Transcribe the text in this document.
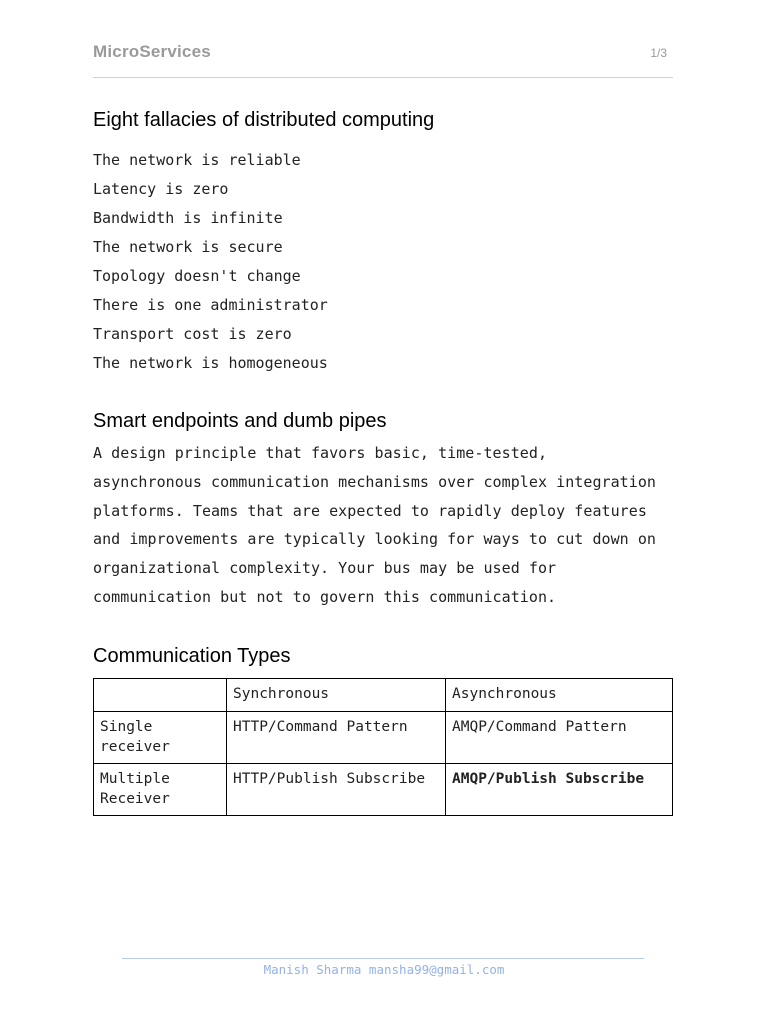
MicroServices	1/3
Eight fallacies of distributed computing
The network is reliable
Latency is zero
Bandwidth is infinite
The network is secure
Topology doesn't change
There is one administrator
Transport cost is zero
The network is homogeneous
Smart endpoints and dumb pipes
A design principle that favors basic, time-tested,
asynchronous communication mechanisms over complex integration
platforms. Teams that are expected to rapidly deploy features
and improvements are typically looking for ways to cut down on
organizational complexity. Your bus may be used for
communication but not to govern this communication.
Communication Types
	Synchronous	Asynchronous
Single receiver	HTTP/Command Pattern	AMQP/Command Pattern
Multiple Receiver	HTTP/Publish Subscribe	AMQP/Publish Subscribe
Manish Sharma mansha99@gmail.com
